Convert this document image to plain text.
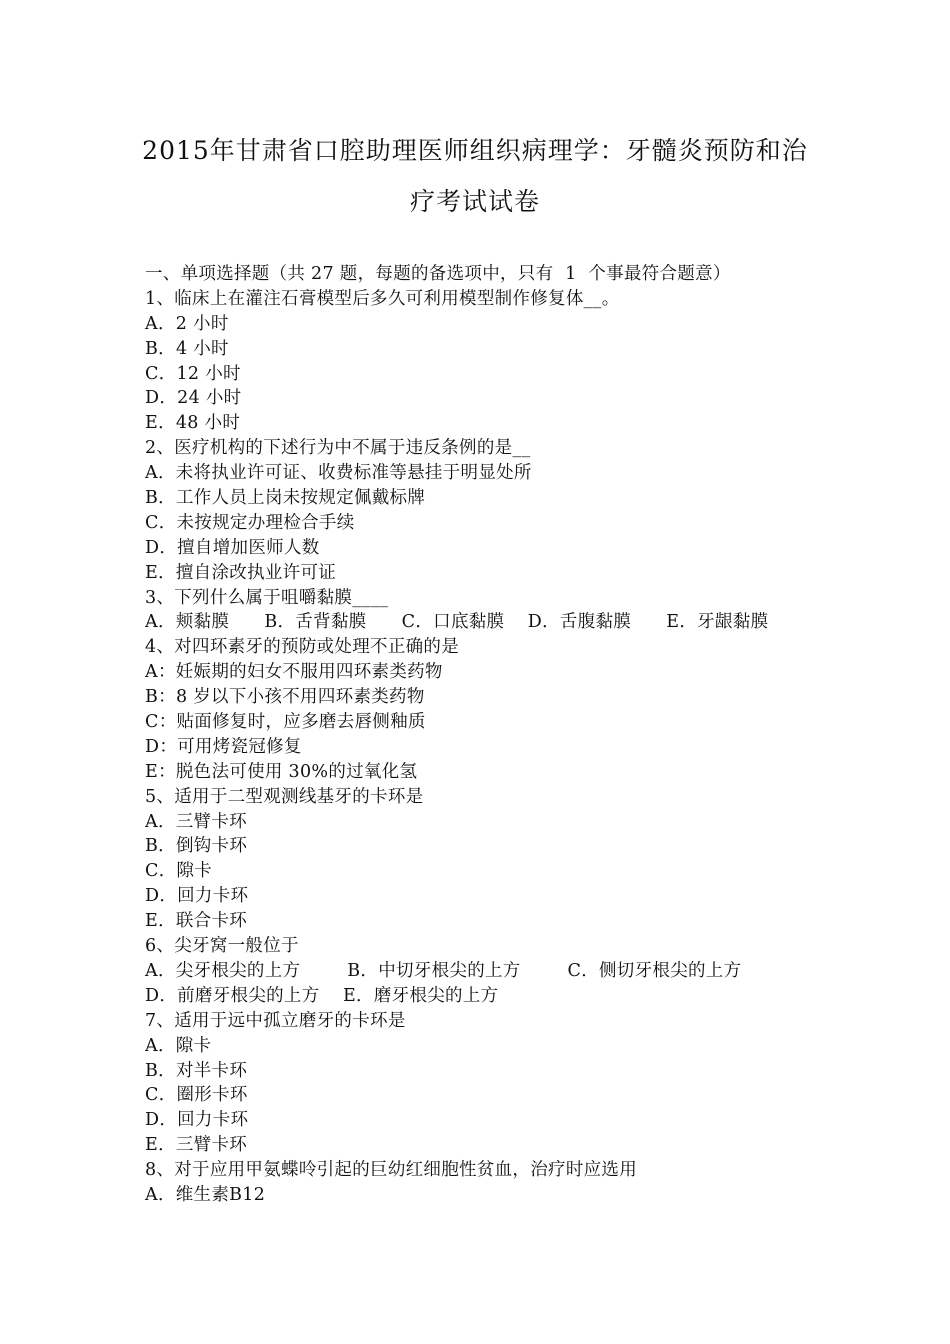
2015年甘肃省口腔助理医师组织病理学：牙髓炎预防和治
疗考试试卷
一、单项选择题（共 27 题，每题的备选项中，只有  1  个事最符合题意）
1、临床上在灌注石膏模型后多久可利用模型制作修复体__。
A．2 小时
B．4 小时
C．12 小时
D．24 小时
E．48 小时
2、医疗机构的下述行为中不属于违反条例的是__
A．未将执业许可证、收费标准等悬挂于明显处所
B．工作人员上岗未按规定佩戴标牌
C．未按规定办理检合手续
D．擅自增加医师人数
E．擅自涂改执业许可证
3、下列什么属于咀嚼黏膜____
A．颊黏膜      B．舌背黏膜      C．口底黏膜    D．舌腹黏膜      E．牙龈黏膜
4、对四环素牙的预防或处理不正确的是
A：妊娠期的妇女不服用四环素类药物
B：8 岁以下小孩不用四环素类药物
C：贴面修复时，应多磨去唇侧釉质
D：可用烤瓷冠修复
E：脱色法可使用 30%的过氧化氢
5、适用于二型观测线基牙的卡环是
A．三臂卡环
B．倒钩卡环
C．隙卡
D．回力卡环
E．联合卡环
6、尖牙窝一般位于
A．尖牙根尖的上方        B．中切牙根尖的上方        C．侧切牙根尖的上方
D．前磨牙根尖的上方    E．磨牙根尖的上方
7、适用于远中孤立磨牙的卡环是
A．隙卡
B．对半卡环
C．圈形卡环
D．回力卡环
E．三臂卡环
8、对于应用甲氨蝶呤引起的巨幼红细胞性贫血，治疗时应选用
A．维生素B12
